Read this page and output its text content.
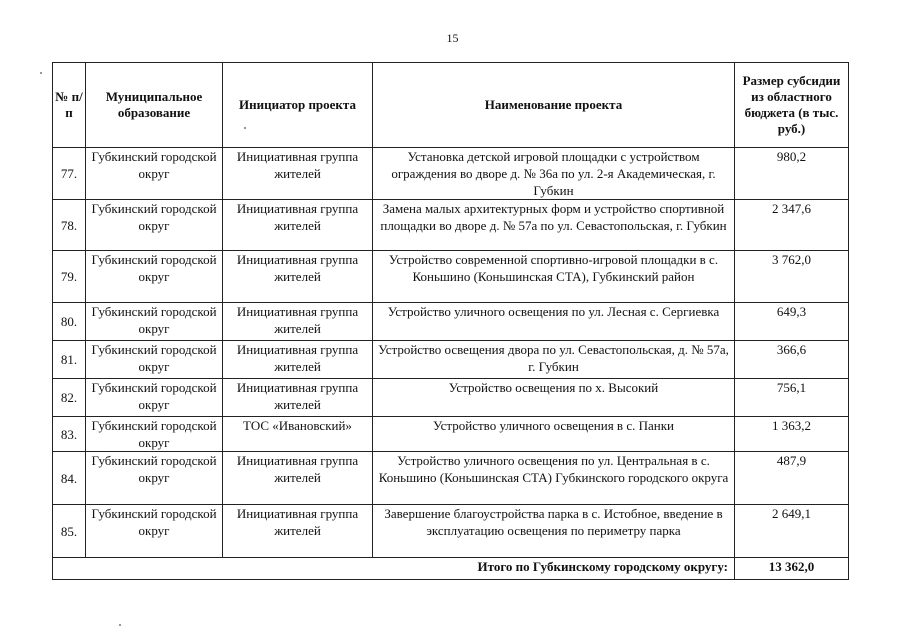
15
№ п/п	Муниципальное образование	Инициатор проекта	Наименование проекта	Размер субсидии из областного бюджета (в тыс. руб.)
77.	Губкинский городской округ	Инициативная группа жителей	Установка детской игровой площадки с устройством ограждения во дворе д. № 36а по ул. 2-я Академическая, г. Губкин	980,2
78.	Губкинский городской округ	Инициативная группа жителей	Замена малых архитектурных форм и устройство спортивной площадки во дворе д. № 57а по ул. Севастопольская, г. Губкин	2 347,6
79.	Губкинский городской округ	Инициативная группа жителей	Устройство современной спортивно-игровой площадки в с. Коньшино (Коньшинская СТА), Губкинский район	3 762,0
80.	Губкинский городской округ	Инициативная группа жителей	Устройство уличного освещения по ул. Лесная с. Сергиевка	649,3
81.	Губкинский городской округ	Инициативная группа жителей	Устройство освещения двора по ул. Севастопольская, д. № 57а, г. Губкин	366,6
82.	Губкинский городской округ	Инициативная группа жителей	Устройство освещения по х. Высокий	756,1
83.	Губкинский городской округ	ТОС «Ивановский»	Устройство уличного освещения в с. Панки	1 363,2
84.	Губкинский городской округ	Инициативная группа жителей	Устройство уличного освещения по ул. Центральная в с. Коньшино (Коньшинская СТА) Губкинского городского округа	487,9
85.	Губкинский городской округ	Инициативная группа жителей	Завершение благоустройства парка в с. Истобное, введение в эксплуатацию освещения по периметру парка	2 649,1
Итого по Губкинскому городскому округу:				13 362,0
